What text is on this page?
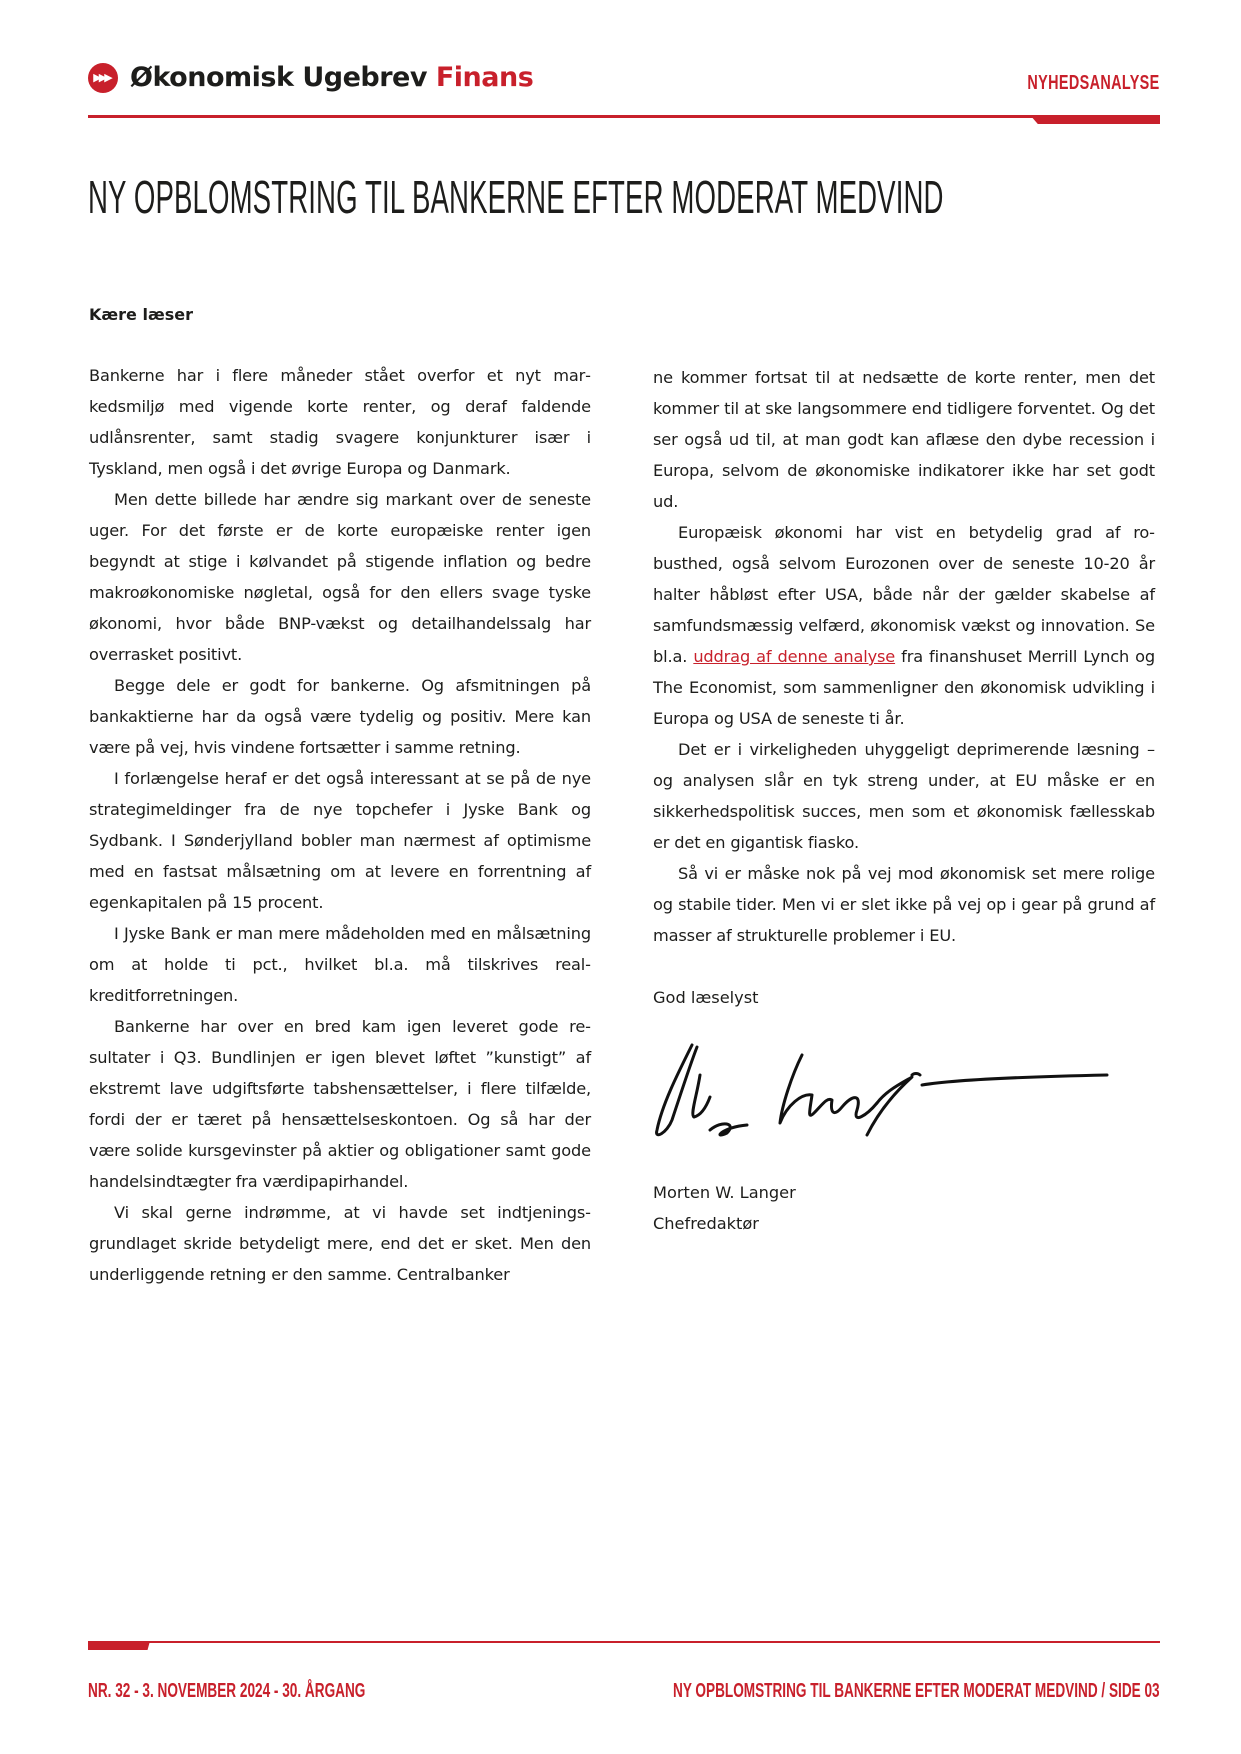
▶▶▶ Økonomisk Ugebrev Finans	NYHEDSANALYSE
NY OPBLOMSTRING TIL BANKERNE EFTER MODERAT MEDVIND
Kære læser

Bankerne har i flere måneder stået overfor et nyt markedsmiljø med vigende korte renter, og deraf faldende udlånsrenter, samt stadig svagere konjunkturer især i Tyskland, men også i det øvrige Europa og Danmark.

Men dette billede har ændre sig markant over de seneste uger. For det første er de korte europæiske renter igen begyndt at stige i kølvandet på stigende inflation og bedre makroøkonomiske nøgletal, også for den ellers svage tyske økonomi, hvor både BNP-vækst og detailhandelssalg har overrasket positivt.

Begge dele er godt for bankerne. Og afsmitningen på bankaktierne har da også være tydelig og positiv. Mere kan være på vej, hvis vindene fortsætter i samme retning.

I forlængelse heraf er det også interessant at se på de nye strategimeldinger fra de nye topchefer i Jyske Bank og Sydbank. I Sønderjylland bobler man nærmest af optimisme med en fastsat målsætning om at levere en forrentning af egenkapitalen på 15 procent.

I Jyske Bank er man mere mådeholden med en målsætning om at holde ti pct., hvilket bl.a. må tilskrives realkreditforretningen.

Bankerne har over en bred kam igen leveret gode resultater i Q3. Bundlinjen er igen blevet løftet ”kunstigt” af ekstremt lave udgiftsførte tabshensættelser, i flere tilfælde, fordi der er tæret på hensættelseskontoen. Og så har der være solide kursgevinster på aktier og obligationer samt gode handelsindtægter fra værdipapirhandel.

Vi skal gerne indrømme, at vi havde set indtjeningsgrundlaget skride betydeligt mere, end det er sket. Men den underliggende retning er den samme. Centralbanker

ne kommer fortsat til at nedsætte de korte renter, men det kommer til at ske langsommere end tidligere forventet. Og det ser også ud til, at man godt kan aflæse den dybe recession i Europa, selvom de økonomiske indikatorer ikke har set godt ud.

Europæisk økonomi har vist en betydelig grad af robusthed, også selvom Eurozonen over de seneste 10-20 år halter håbløst efter USA, både når der gælder skabelse af samfundsmæssig velfærd, økonomisk vækst og innovation. Se bl.a. uddrag af denne analyse fra finanshuset Merrill Lynch og The Economist, som sammenligner den økonomisk udvikling i Europa og USA de seneste ti år.

Det er i virkeligheden uhyggeligt deprimerende læsning – og analysen slår en tyk streng under, at EU måske er en sikkerhedspolitisk succes, men som et økonomisk fællesskab er det en gigantisk fiasko.

Så vi er måske nok på vej mod økonomisk set mere rolige og stabile tider. Men vi er slet ikke på vej op i gear på grund af masser af strukturelle problemer i EU.

God læselyst
Morten W. Langer
Chefredaktør
NR. 32 - 3. NOVEMBER 2024 - 30. ÅRGANG	NY OPBLOMSTRING TIL BANKERNE EFTER MODERAT MEDVIND / SIDE 03
